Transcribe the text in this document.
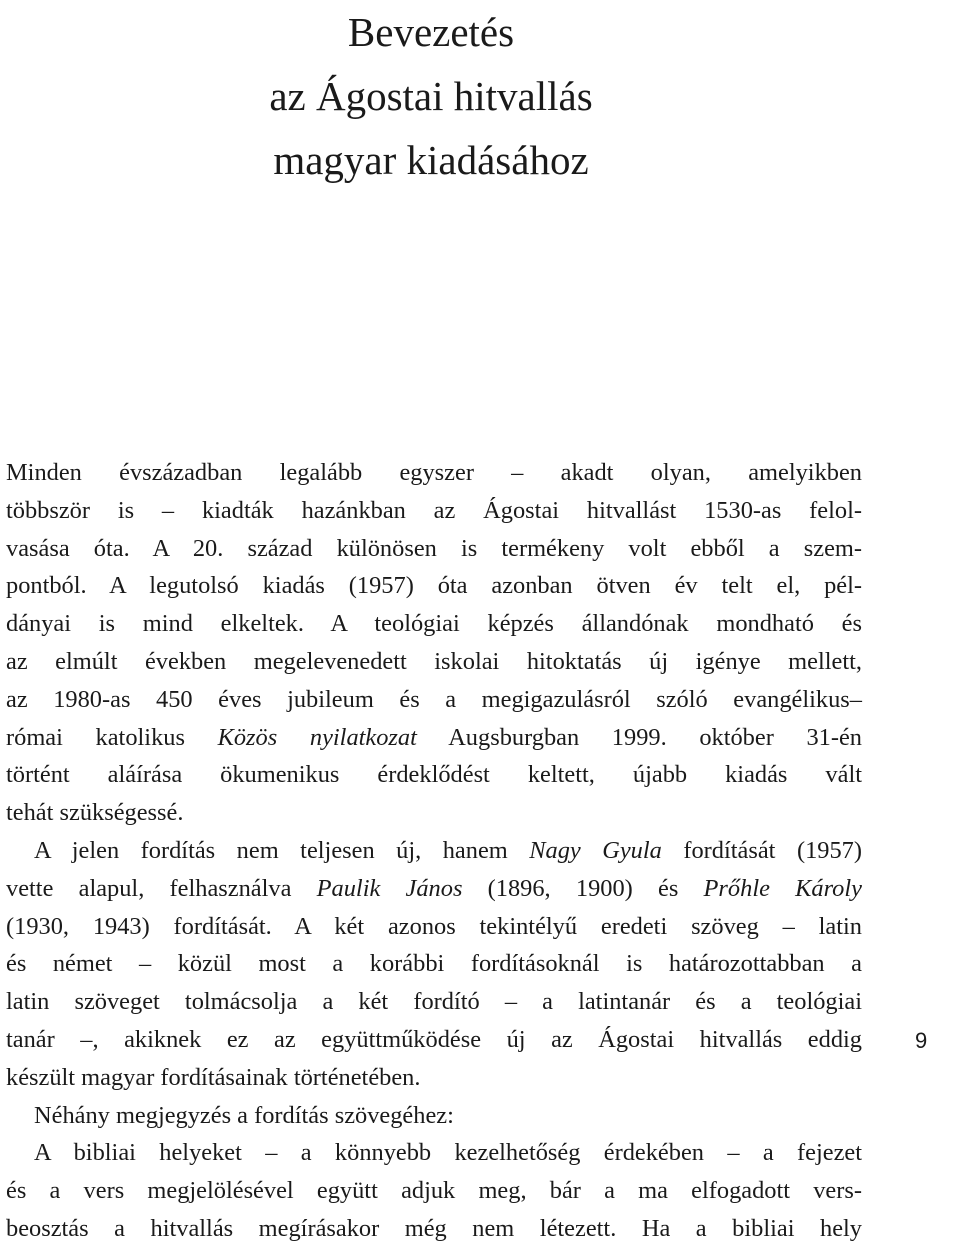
Bevezetés
az Ágostai hitvallás
magyar kiadásához
Minden évszázadban legalább egyszer – akadt olyan, amelyikben
többször is – kiadták hazánkban az Ágostai hitvallást 1530-as felol-
vasása óta. A 20. század különösen is termékeny volt ebből a szem-
pontból. A legutolsó kiadás (1957) óta azonban ötven év telt el, pél-
dányai is mind elkeltek. A teológiai képzés állandónak mondható és
az elmúlt években megelevenedett iskolai hitoktatás új igénye mellett,
az 1980-as 450 éves jubileum és a megigazulásról szóló evangélikus–
római katolikus Közös nyilatkozat Augsburgban 1999. október 31-én
történt aláírása ökumenikus érdeklődést keltett, újabb kiadás vált
tehát szükségessé.
A jelen fordítás nem teljesen új, hanem Nagy Gyula fordítását (1957)
vette alapul, felhasználva Paulik János (1896, 1900) és Prőhle Károly
(1930, 1943) fordítását. A két azonos tekintélyű eredeti szöveg – latin
és német – közül most a korábbi fordításoknál is határozottabban a
latin szöveget tolmácsolja a két fordító – a latintanár és a teológiai
tanár –, akiknek ez az együttműködése új az Ágostai hitvallás eddig
készült magyar fordításainak történetében.
Néhány megjegyzés a fordítás szövegéhez:
A bibliai helyeket – a könnyebb kezelhetőség érdekében – a fejezet
és a vers megjelölésével együtt adjuk meg, bár a ma elfogadott vers-
beosztás a hitvallás megírásakor még nem létezett. Ha a bibliai hely
9
